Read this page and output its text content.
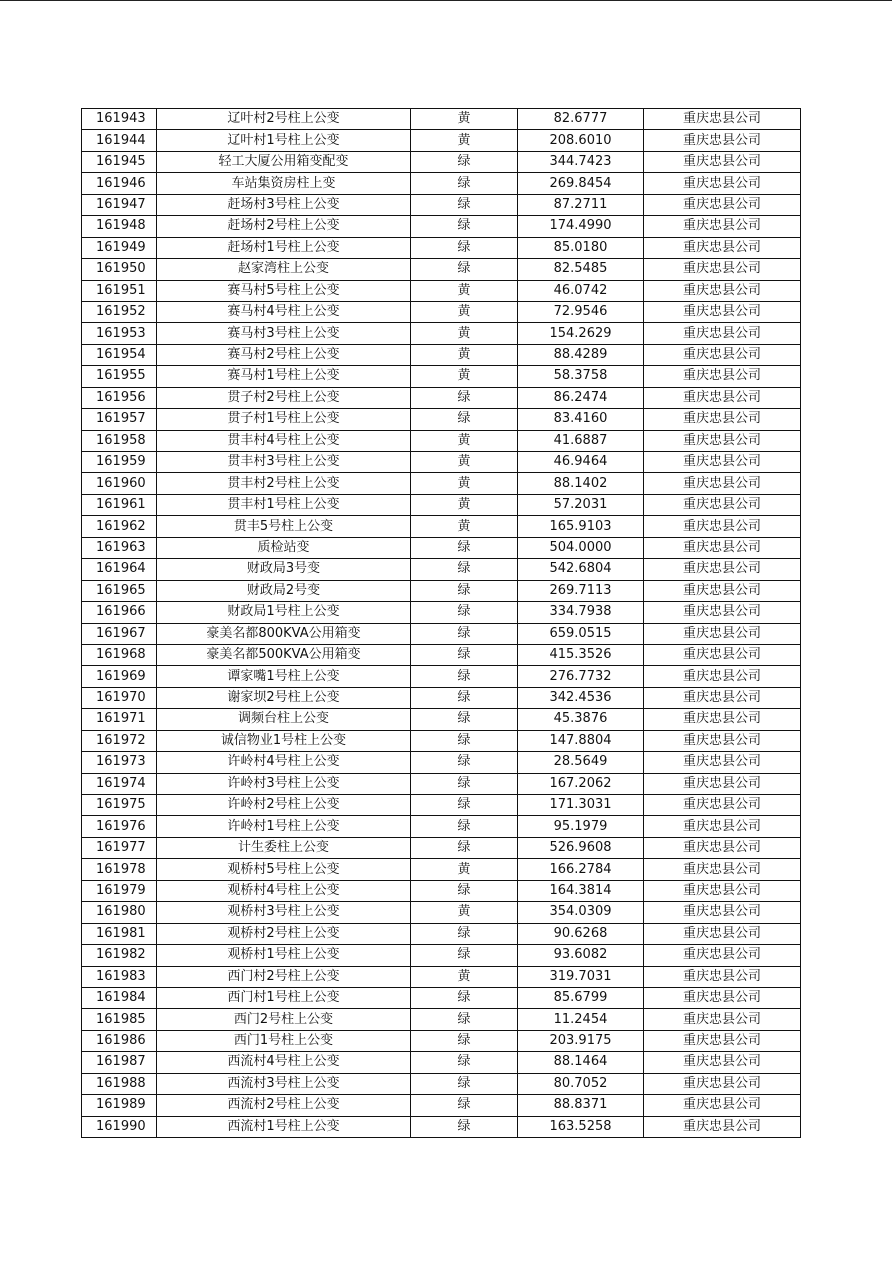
161943	辽叶村2号柱上公变	黄	82.6777	重庆忠县公司
161944	辽叶村1号柱上公变	黄	208.6010	重庆忠县公司
161945	轻工大厦公用箱变配变	绿	344.7423	重庆忠县公司
161946	车站集资房柱上变	绿	269.8454	重庆忠县公司
161947	赶场村3号柱上公变	绿	87.2711	重庆忠县公司
161948	赶场村2号柱上公变	绿	174.4990	重庆忠县公司
161949	赶场村1号柱上公变	绿	85.0180	重庆忠县公司
161950	赵家湾柱上公变	绿	82.5485	重庆忠县公司
161951	赛马村5号柱上公变	黄	46.0742	重庆忠县公司
161952	赛马村4号柱上公变	黄	72.9546	重庆忠县公司
161953	赛马村3号柱上公变	黄	154.2629	重庆忠县公司
161954	赛马村2号柱上公变	黄	88.4289	重庆忠县公司
161955	赛马村1号柱上公变	黄	58.3758	重庆忠县公司
161956	贯子村2号柱上公变	绿	86.2474	重庆忠县公司
161957	贯子村1号柱上公变	绿	83.4160	重庆忠县公司
161958	贯丰村4号柱上公变	黄	41.6887	重庆忠县公司
161959	贯丰村3号柱上公变	黄	46.9464	重庆忠县公司
161960	贯丰村2号柱上公变	黄	88.1402	重庆忠县公司
161961	贯丰村1号柱上公变	黄	57.2031	重庆忠县公司
161962	贯丰5号柱上公变	黄	165.9103	重庆忠县公司
161963	质检站变	绿	504.0000	重庆忠县公司
161964	财政局3号变	绿	542.6804	重庆忠县公司
161965	财政局2号变	绿	269.7113	重庆忠县公司
161966	财政局1号柱上公变	绿	334.7938	重庆忠县公司
161967	豪美名都800KVA公用箱变	绿	659.0515	重庆忠县公司
161968	豪美名都500KVA公用箱变	绿	415.3526	重庆忠县公司
161969	谭家嘴1号柱上公变	绿	276.7732	重庆忠县公司
161970	谢家坝2号柱上公变	绿	342.4536	重庆忠县公司
161971	调频台柱上公变	绿	45.3876	重庆忠县公司
161972	诚信物业1号柱上公变	绿	147.8804	重庆忠县公司
161973	许岭村4号柱上公变	绿	28.5649	重庆忠县公司
161974	许岭村3号柱上公变	绿	167.2062	重庆忠县公司
161975	许岭村2号柱上公变	绿	171.3031	重庆忠县公司
161976	许岭村1号柱上公变	绿	95.1979	重庆忠县公司
161977	计生委柱上公变	绿	526.9608	重庆忠县公司
161978	观桥村5号柱上公变	黄	166.2784	重庆忠县公司
161979	观桥村4号柱上公变	绿	164.3814	重庆忠县公司
161980	观桥村3号柱上公变	黄	354.0309	重庆忠县公司
161981	观桥村2号柱上公变	绿	90.6268	重庆忠县公司
161982	观桥村1号柱上公变	绿	93.6082	重庆忠县公司
161983	西门村2号柱上公变	黄	319.7031	重庆忠县公司
161984	西门村1号柱上公变	绿	85.6799	重庆忠县公司
161985	西门2号柱上公变	绿	11.2454	重庆忠县公司
161986	西门1号柱上公变	绿	203.9175	重庆忠县公司
161987	西流村4号柱上公变	绿	88.1464	重庆忠县公司
161988	西流村3号柱上公变	绿	80.7052	重庆忠县公司
161989	西流村2号柱上公变	绿	88.8371	重庆忠县公司
161990	西流村1号柱上公变	绿	163.5258	重庆忠县公司
